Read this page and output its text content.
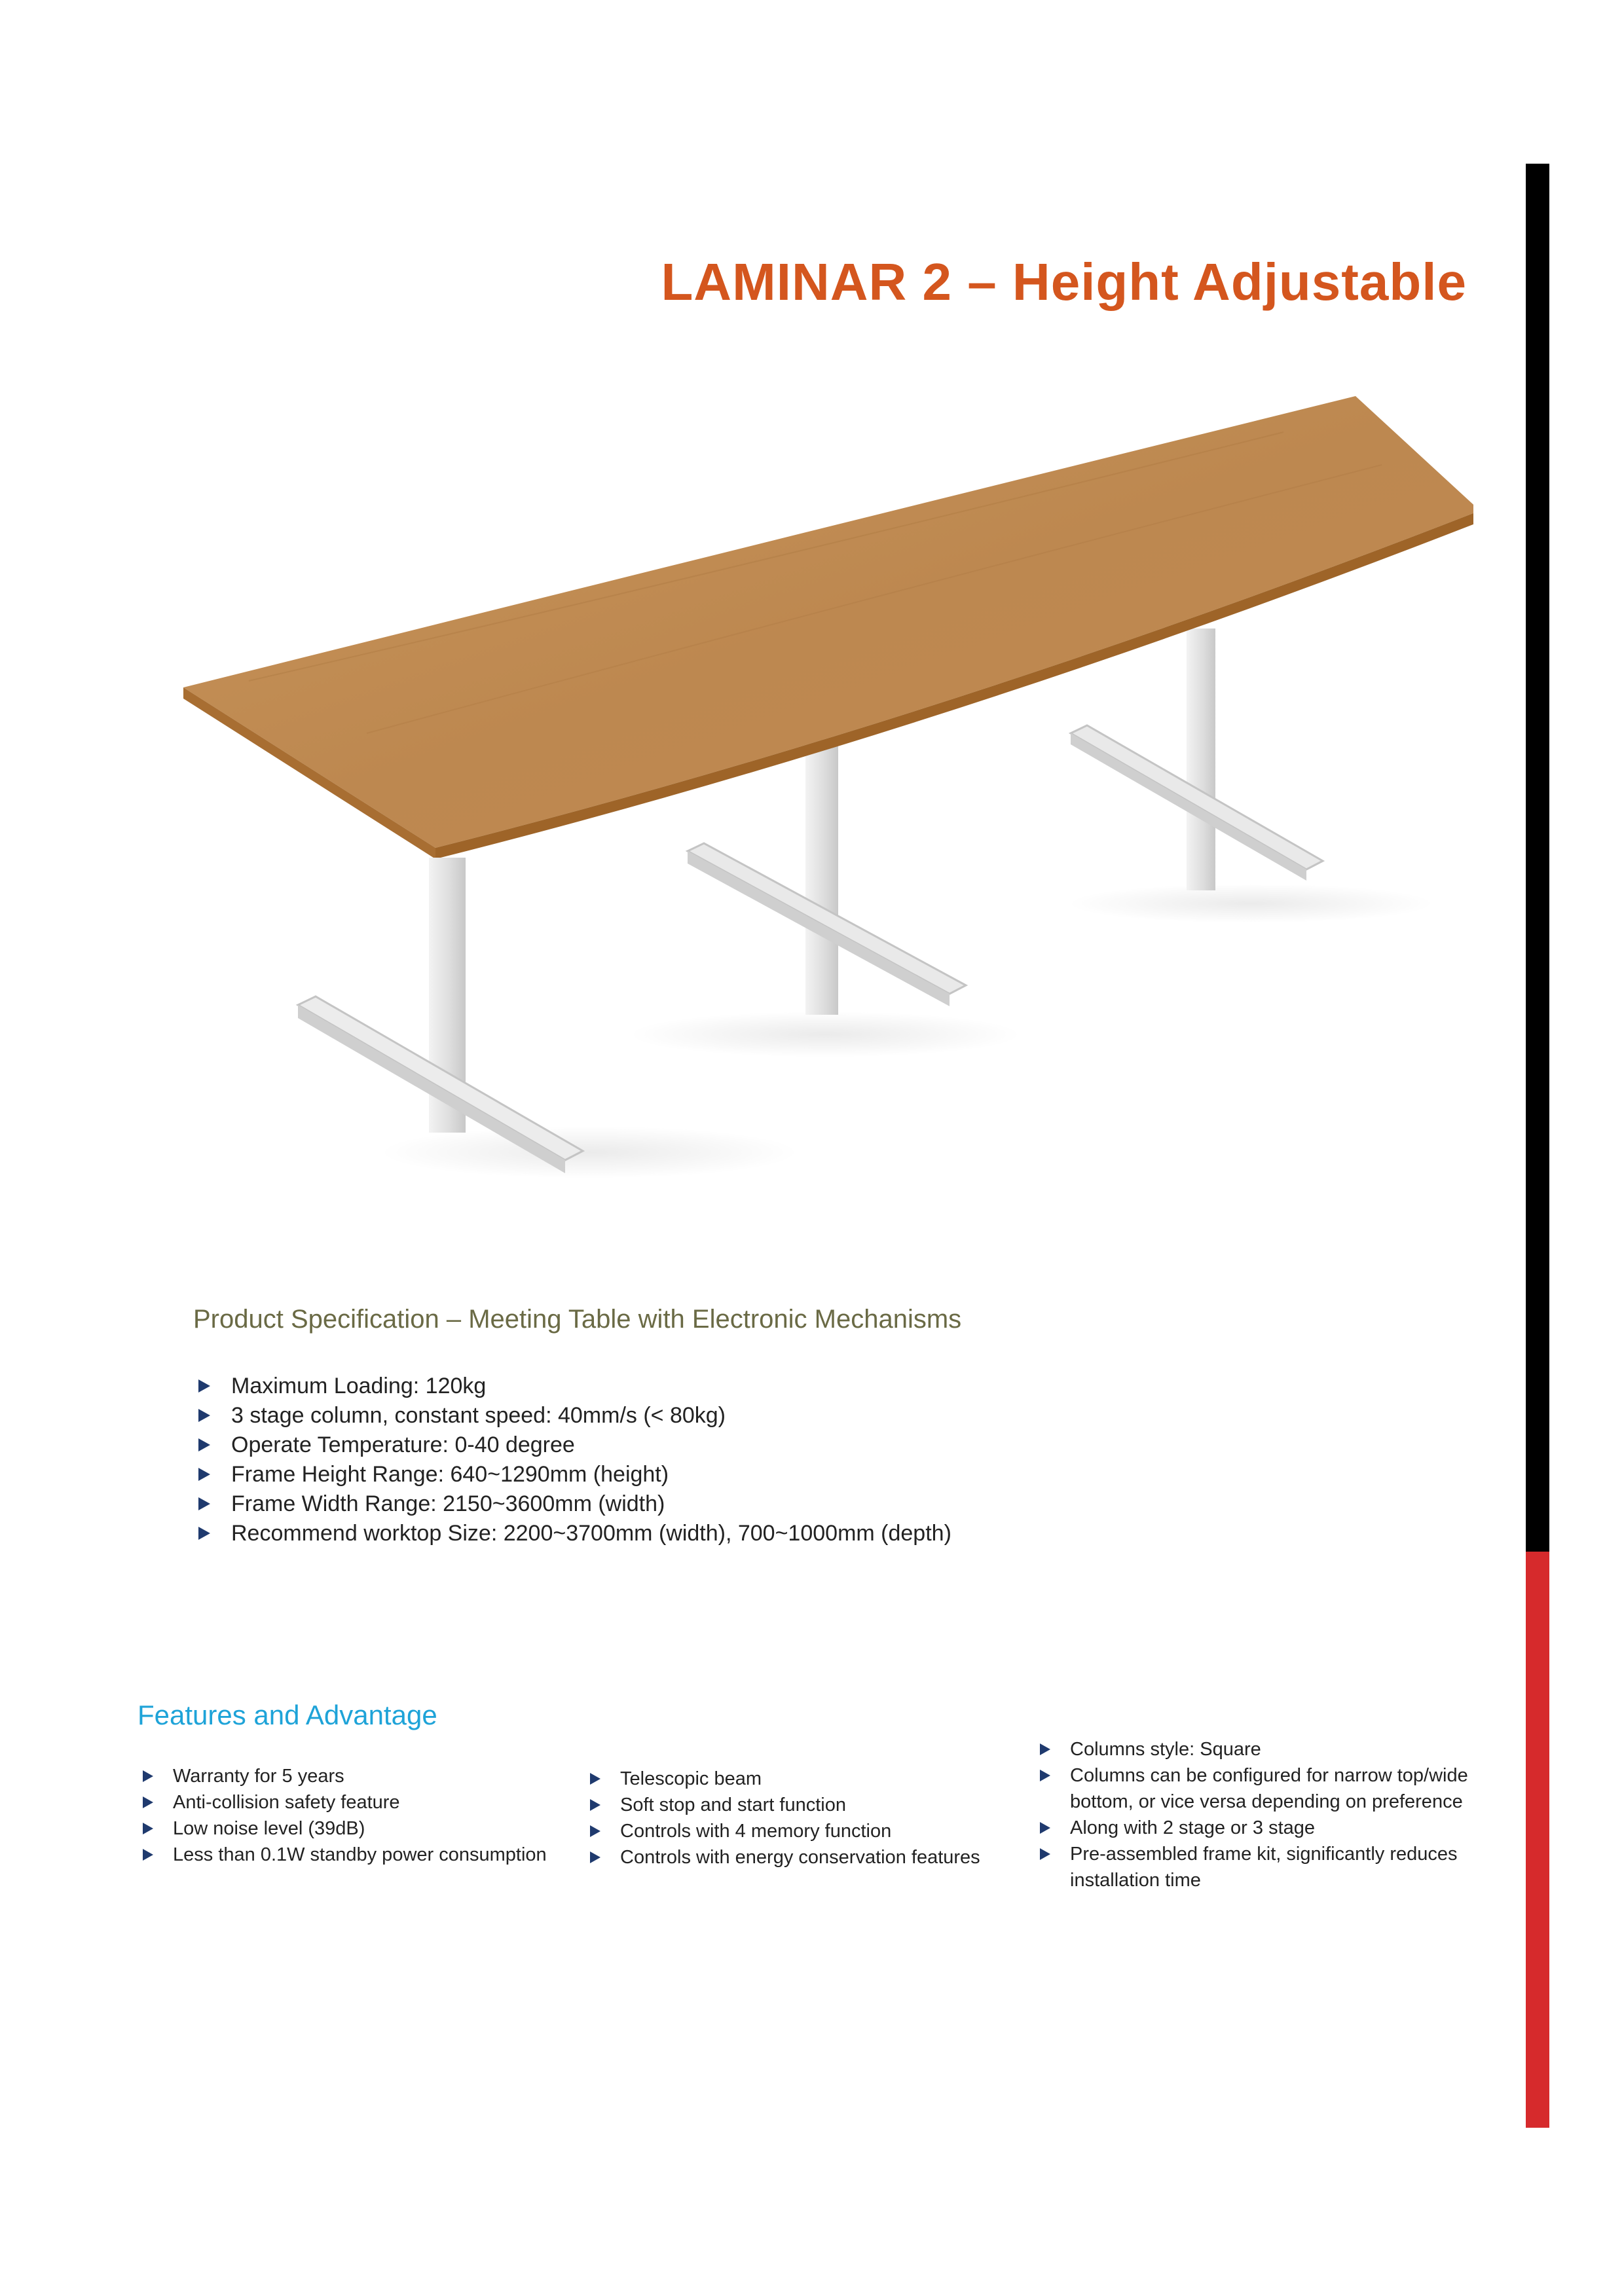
LAMINAR 2 – Height Adjustable
Product Specification – Meeting Table with Electronic Mechanisms
Maximum Loading: 120kg
3 stage column, constant speed: 40mm/s (< 80kg)
Operate Temperature: 0-40 degree
Frame Height Range: 640~1290mm (height)
Frame Width Range: 2150~3600mm (width)
Recommend worktop Size: 2200~3700mm (width), 700~1000mm (depth)
Features and Advantage
Warranty for 5 years
Anti-collision safety feature
Low noise level (39dB)
Less than 0.1W standby power consumption
Telescopic beam
Soft stop and start function
Controls with 4 memory function
Controls with energy conservation features
Columns style: Square
Columns can be configured for narrow top/wide
bottom, or vice versa depending on preference
Along with 2 stage or 3 stage
Pre-assembled frame kit, significantly reduces
installation time
